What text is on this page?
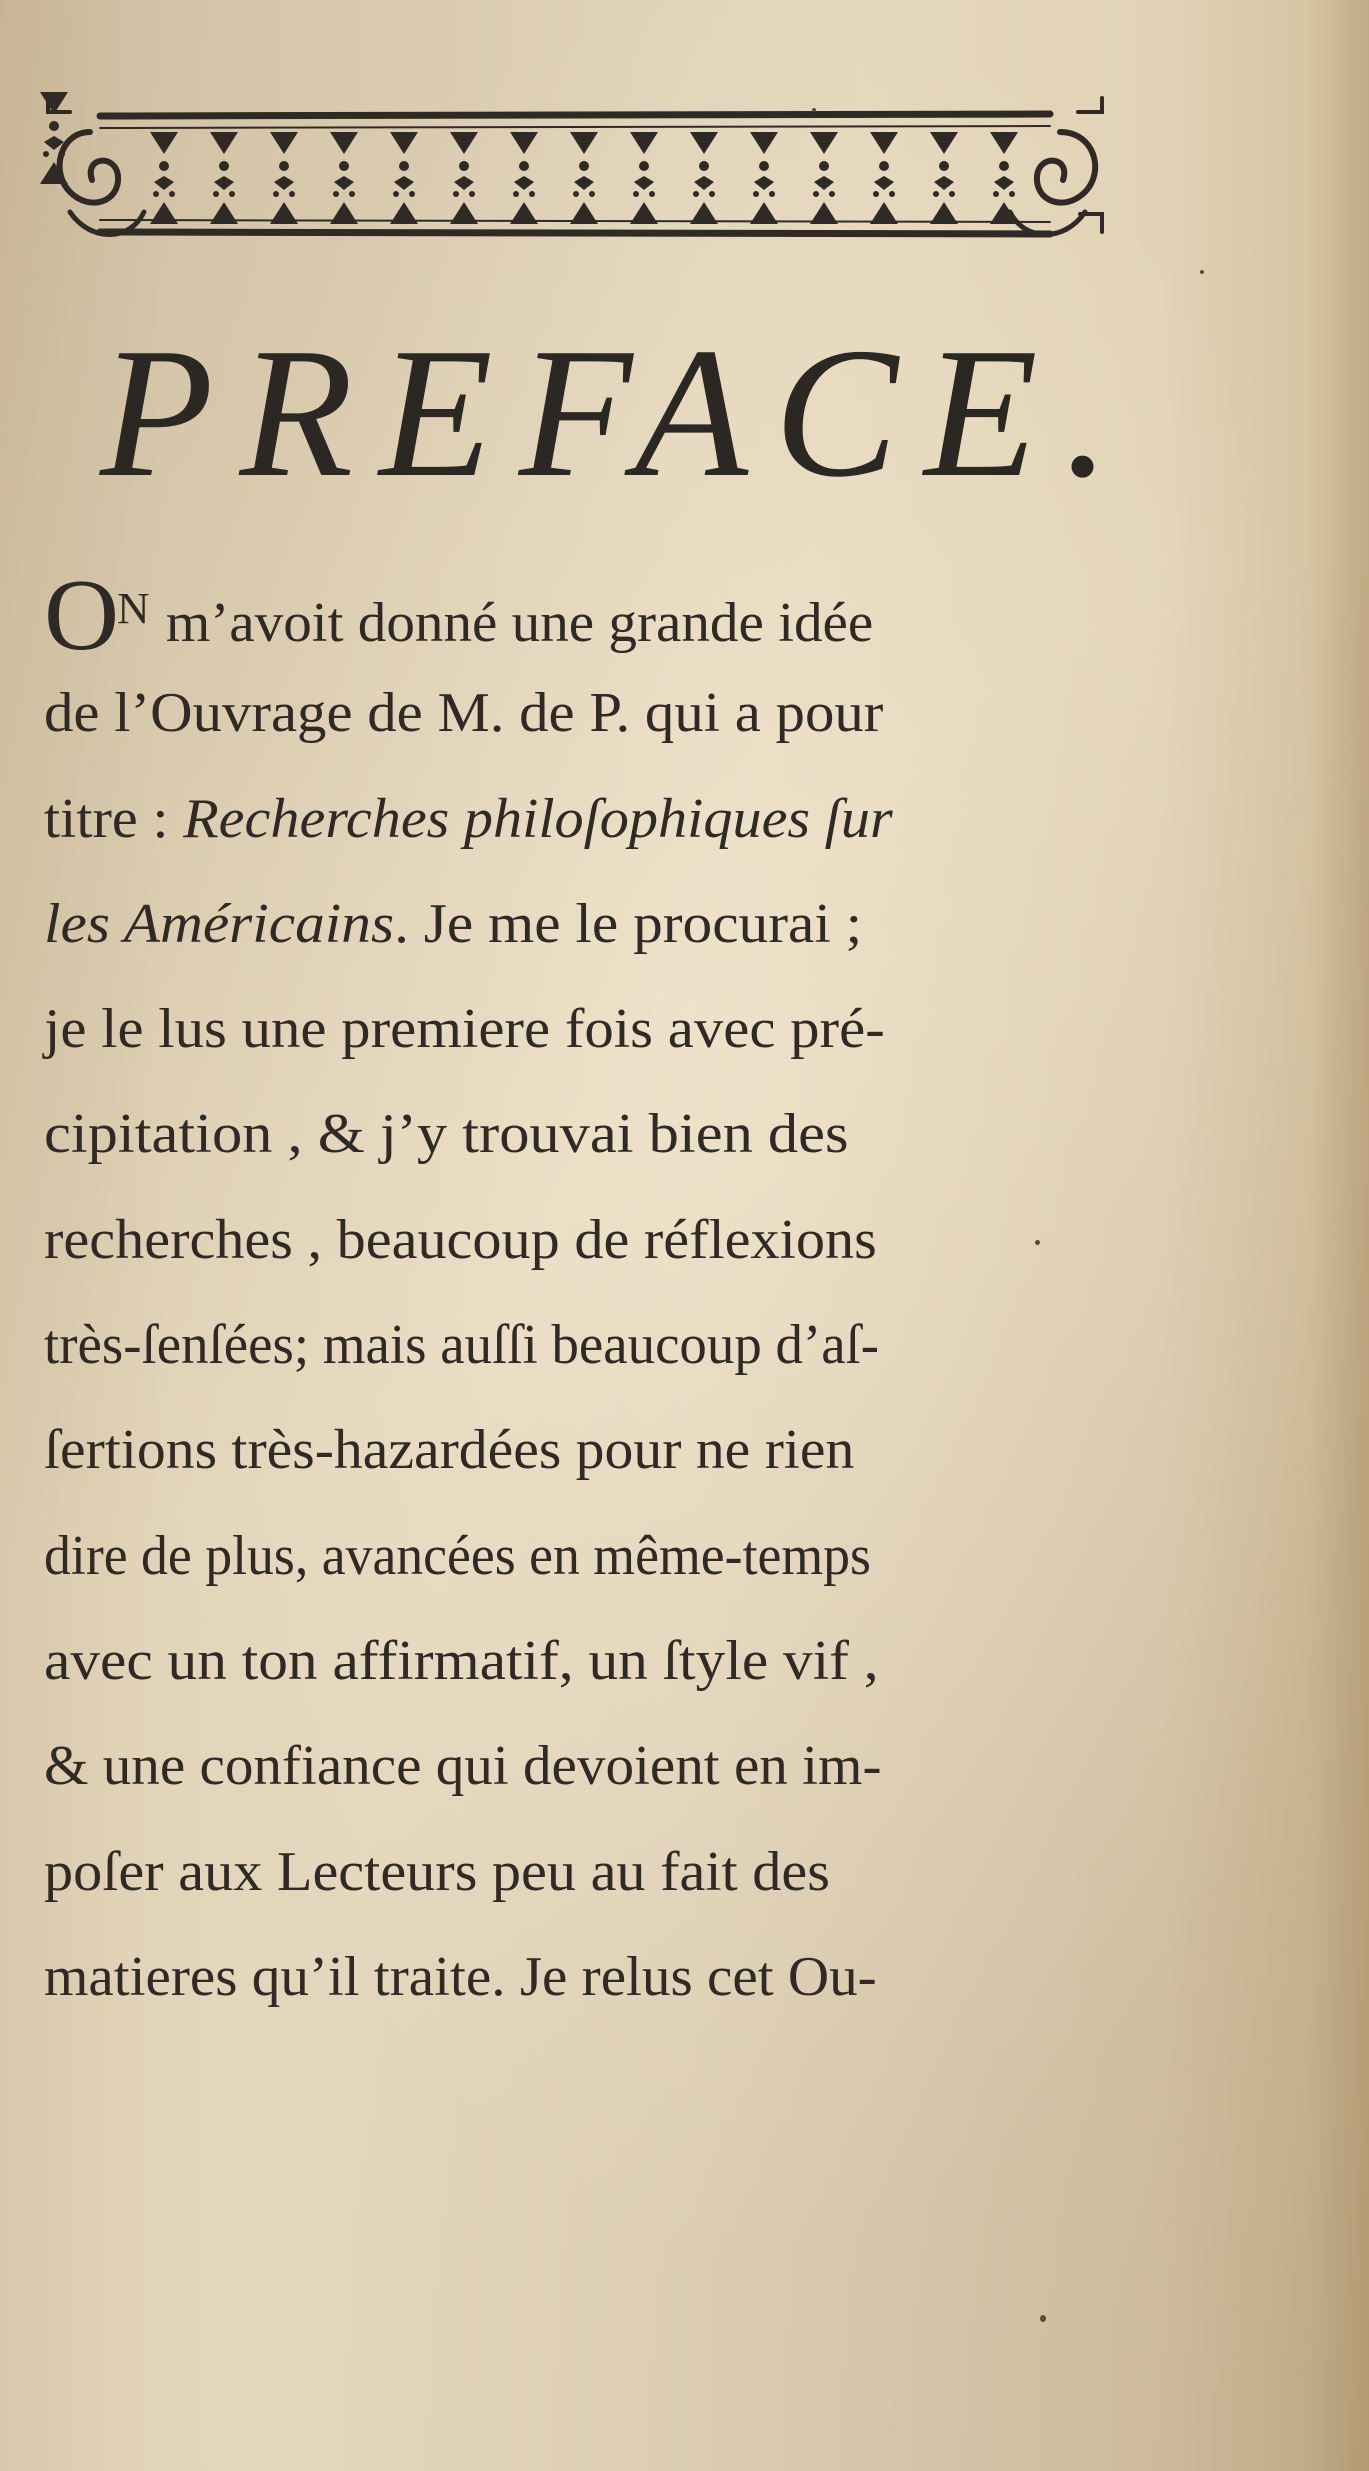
PREFACE.
$O^N$ m’avoit donné une grande idée
de l’Ouvrage de M. de P. qui a pour
titre : Recherches philoſophiques ſur
les Américains. Je me le procurai ;
je le lus une premiere fois avec pré-
cipitation , & j’y trouvai bien des
recherches , beaucoup de réflexions
très-ſenſées; mais auſſi beaucoup d’aſ-
ſertions très-hazardées pour ne rien
dire de plus, avancées en même-temps
avec un ton affirmatif, un ſtyle vif ,
& une confiance qui devoient en im-
poſer aux Lecteurs peu au fait des
matieres qu’il traite. Je relus cet Ou-
